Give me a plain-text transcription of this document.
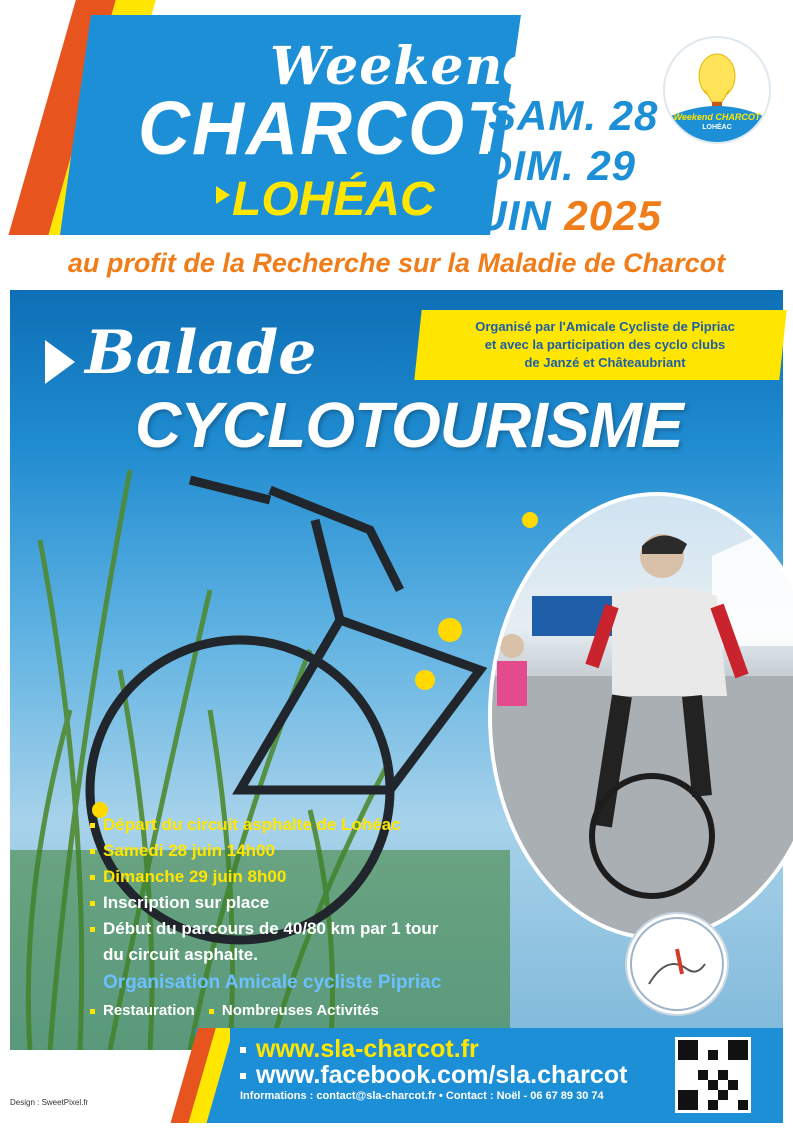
Weekend
CHARCOT
LOHÉAC
SAM. 28
DIM. 29
JUIN 2025
Weekend CHARCOT
LOHÉAC
au profit de la Recherche sur la Maladie de Charcot
Organisé par l'Amicale Cycliste de Pipriac
et avec la participation des cyclo clubs
de Janzé et Châteaubriant
Balade
CYCLOTOURISME
Départ du circuit asphalte de Lohéac
Samedi 28 juin 14h00
Dimanche 29 juin 8h00
Inscription sur place
Début du parcours de 40/80 km par 1 tour
du circuit asphalte.
Organisation Amicale cycliste Pipriac
Restauration Nombreuses Activités
www.sla-charcot.fr
www.facebook.com/sla.charcot
Informations : contact@sla-charcot.fr • Contact : Noël - 06 67 89 30 74
Design : SweetPixel.fr
